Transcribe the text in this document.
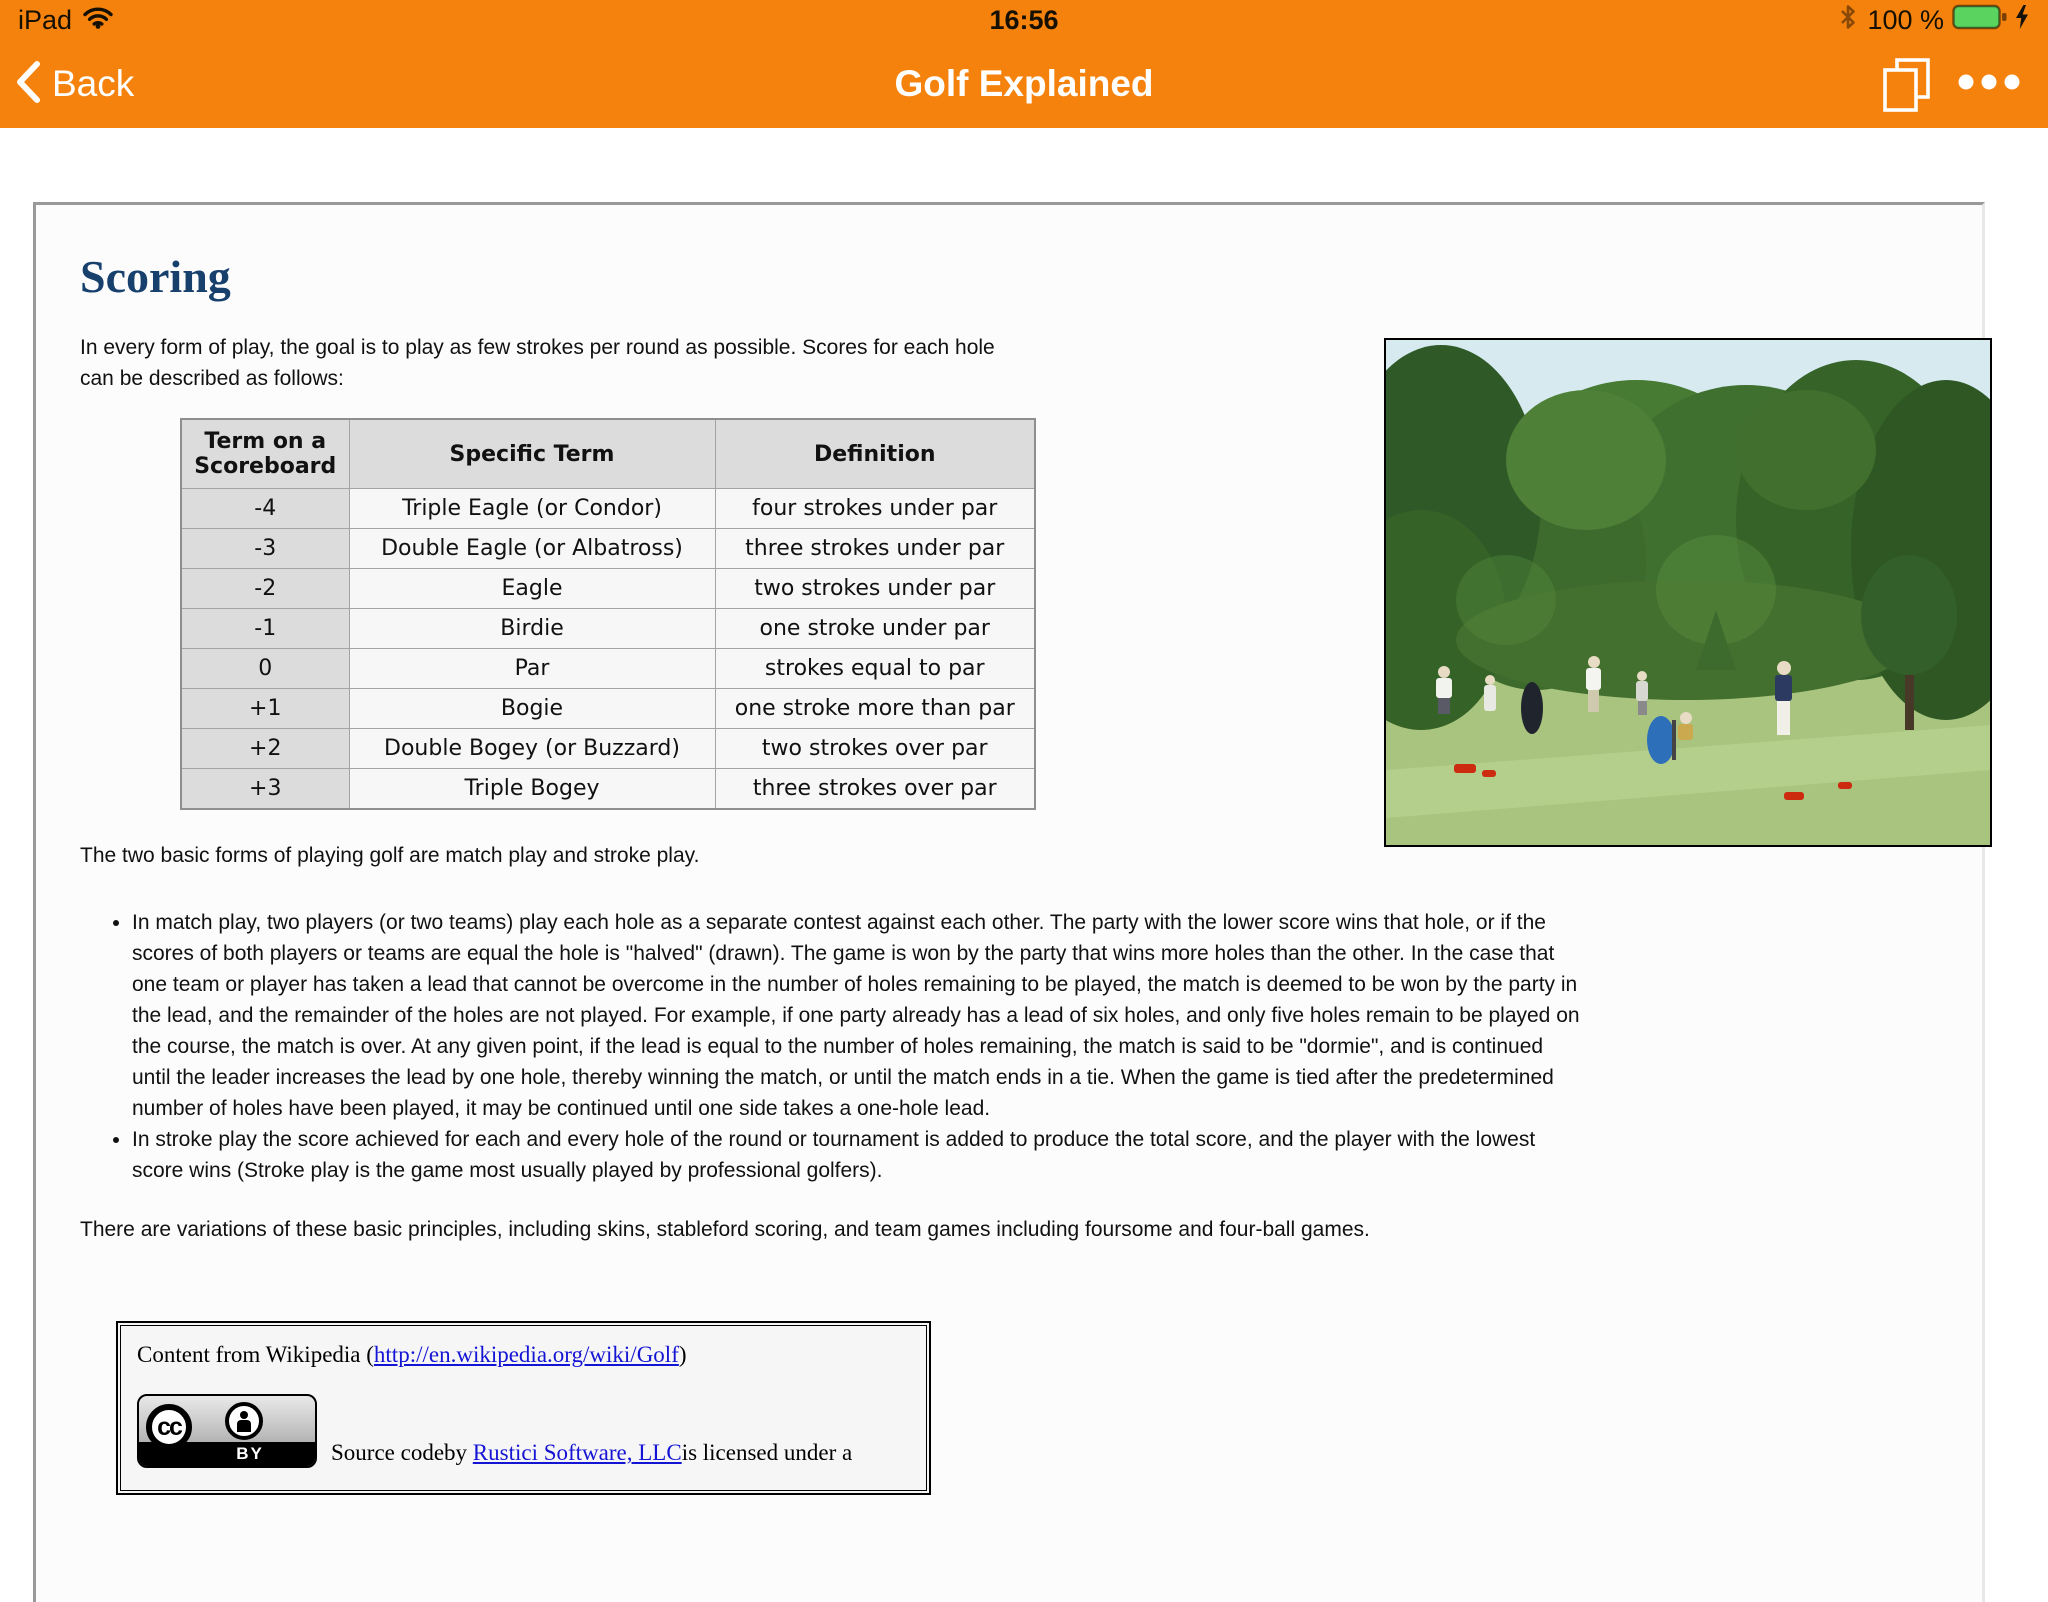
iPad	16:56	100 %
Back	Golf Explained
Scoring

In every form of play, the goal is to play as few strokes per round as possible. Scores for each hole can be described as follows:

Term on a Scoreboard	Specific Term	Definition
-4	Triple Eagle (or Condor)	four strokes under par
-3	Double Eagle (or Albatross)	three strokes under par
-2	Eagle	two strokes under par
-1	Birdie	one stroke under par
0	Par	strokes equal to par
+1	Bogie	one stroke more than par
+2	Double Bogey (or Buzzard)	two strokes over par
+3	Triple Bogey	three strokes over par

The two basic forms of playing golf are match play and stroke play.

• In match play, two players (or two teams) play each hole as a separate contest against each other. The party with the lower score wins that hole, or if the scores of both players or teams are equal the hole is "halved" (drawn). The game is won by the party that wins more holes than the other. In the case that one team or player has taken a lead that cannot be overcome in the number of holes remaining to be played, the match is deemed to be won by the party in the lead, and the remainder of the holes are not played. For example, if one party already has a lead of six holes, and only five holes remain to be played on the course, the match is over. At any given point, if the lead is equal to the number of holes remaining, the match is said to be "dormie", and is continued until the leader increases the lead by one hole, thereby winning the match, or until the match ends in a tie. When the game is tied after the predetermined number of holes have been played, it may be continued until one side takes a one-hole lead.
• In stroke play the score achieved for each and every hole of the round or tournament is added to produce the total score, and the player with the lowest score wins (Stroke play is the game most usually played by professional golfers).

There are variations of these basic principles, including skins, stableford scoring, and team games including foursome and four-ball games.

Content from Wikipedia (http://en.wikipedia.org/wiki/Golf)
BY
cc
Source codeby Rustici Software, LLCis licensed under a
